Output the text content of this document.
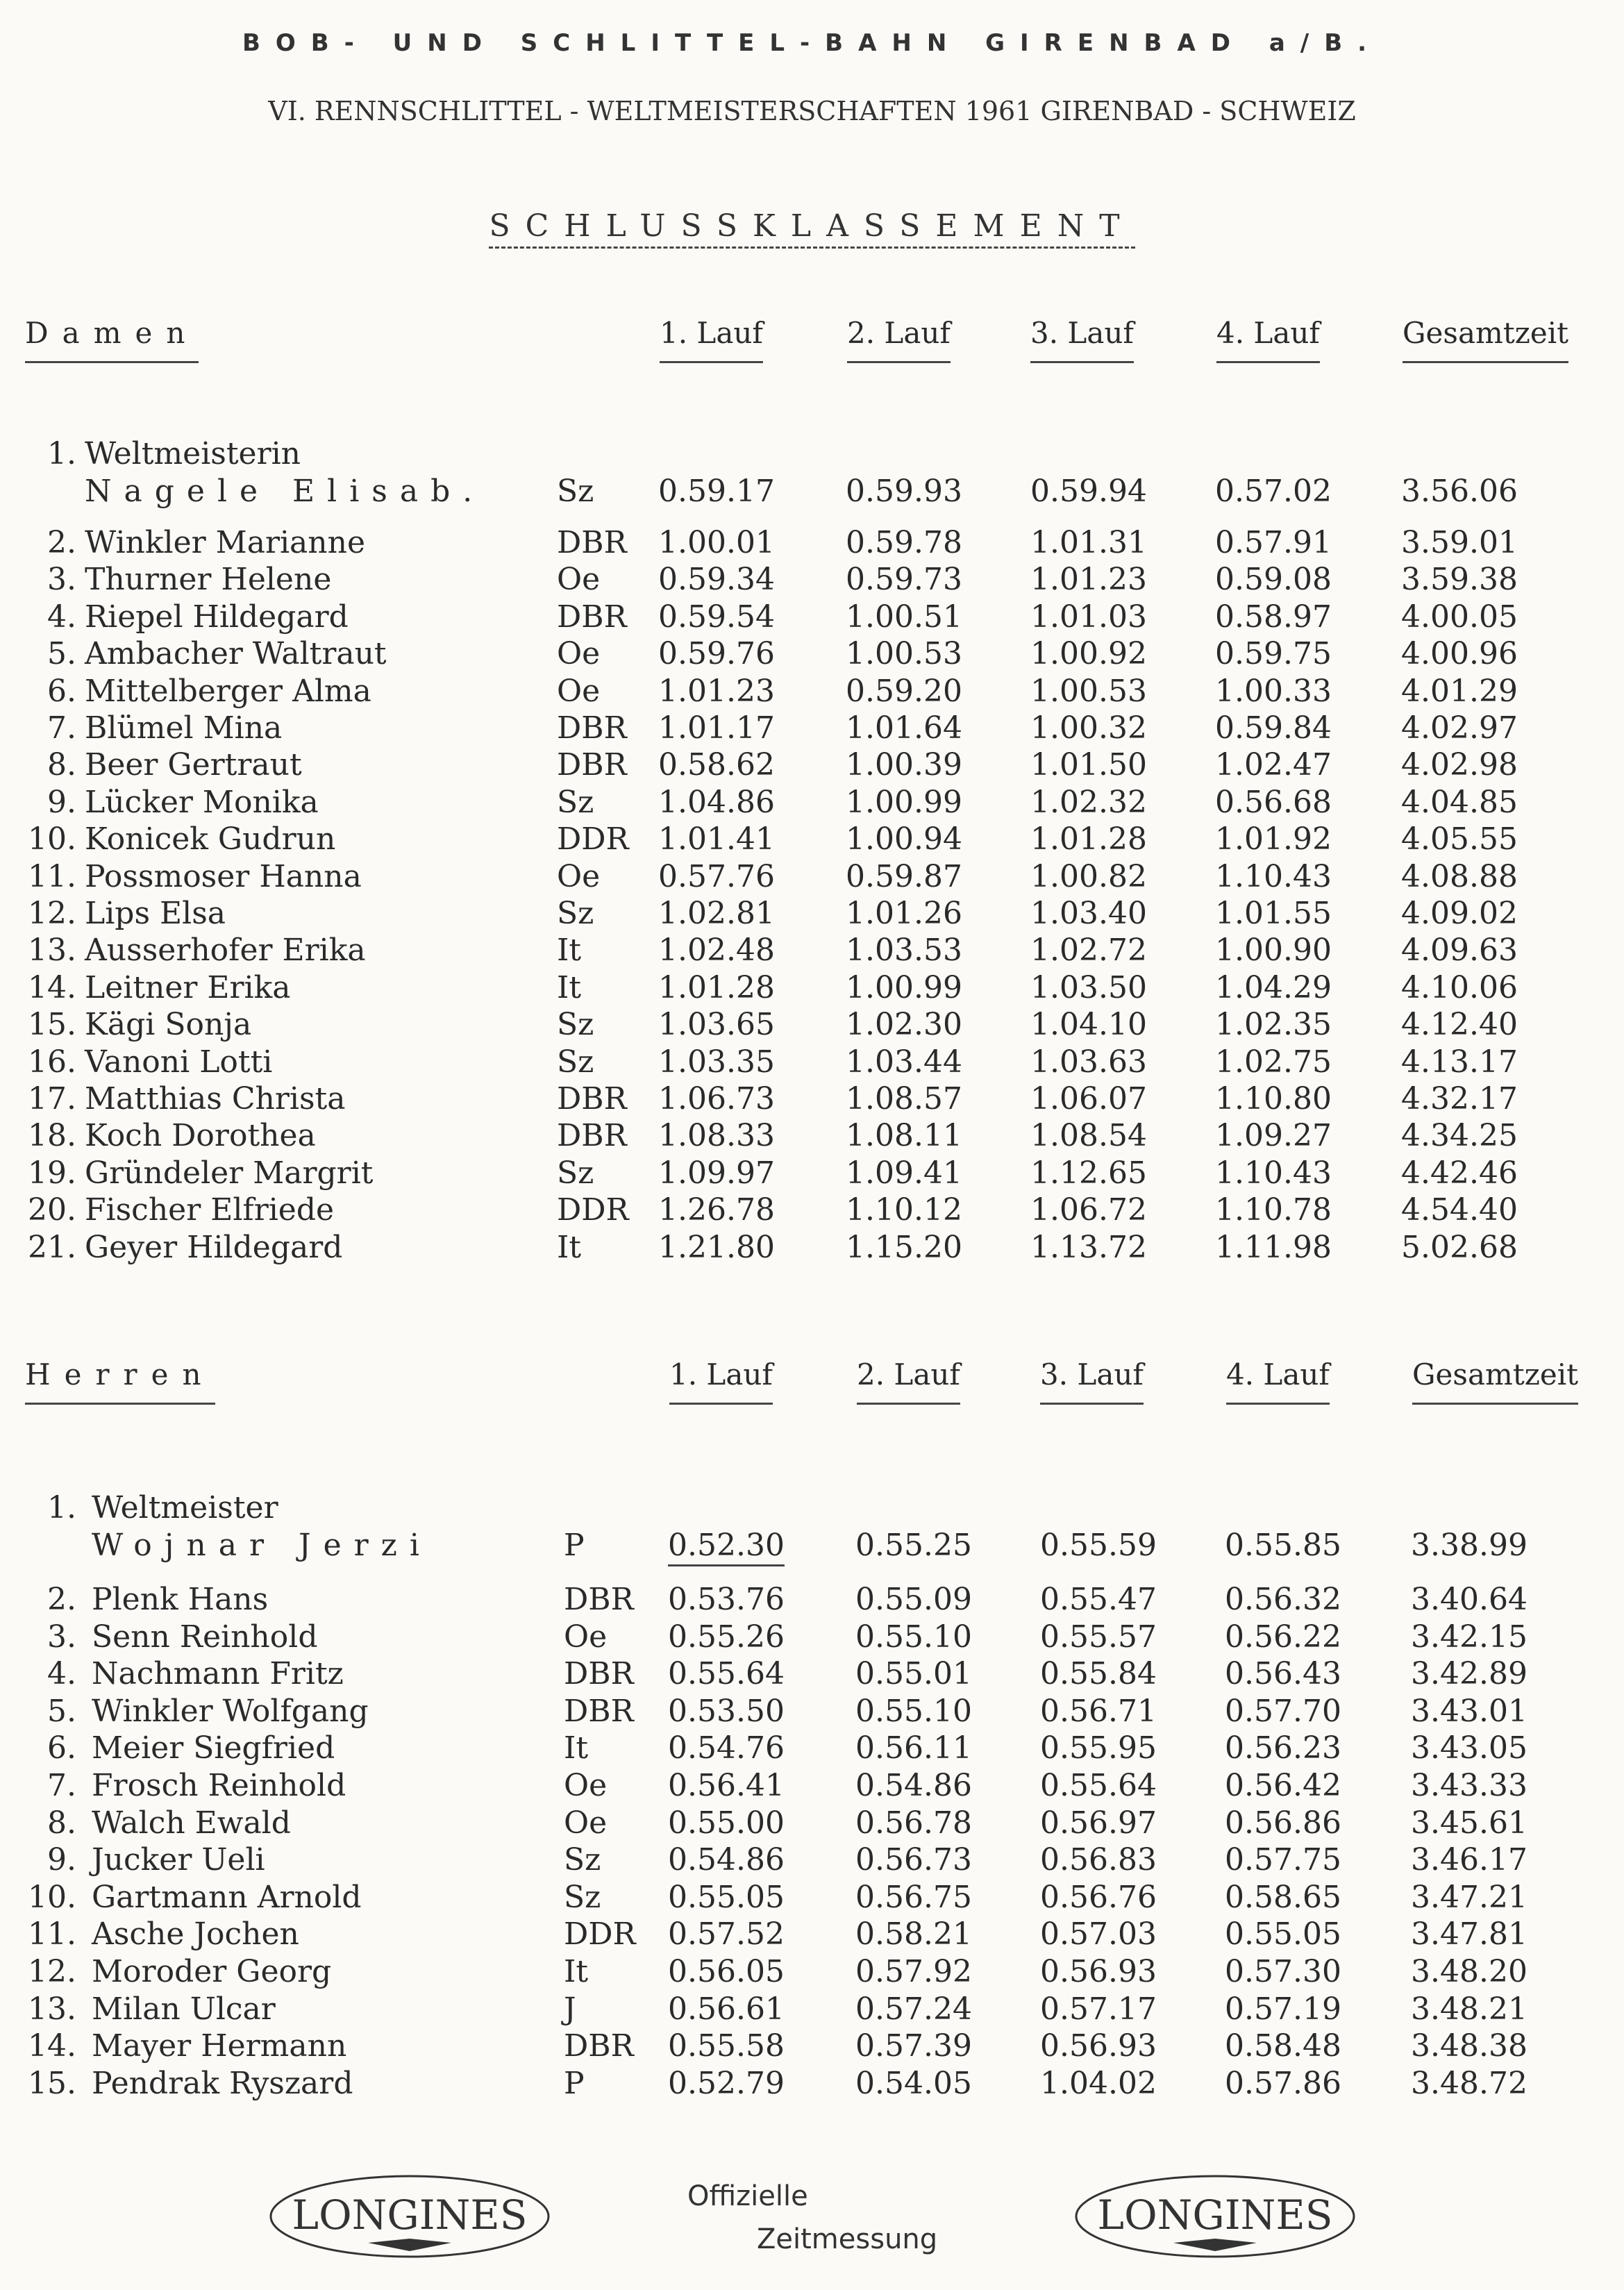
BOB- UND SCHLITTEL-BAHN GIRENBAD a/B.
VI. RENNSCHLITTEL - WELTMEISTERSCHAFTEN 1961 GIRENBAD - SCHWEIZ
SCHLUSSKLASSEMENT
Damen	1. Lauf	2. Lauf	3. Lauf	4. Lauf	Gesamtzeit
1. Weltmeisterin
Nagele Elisab. Sz 0.59.17 0.59.93 0.59.94 0.57.02 3.56.06
2. Winkler Marianne	DBR 1.00.01 0.59.78 1.01.31 0.57.91 3.59.01
3. Thurner Helene	Oe 0.59.34 0.59.73 1.01.23 0.59.08 3.59.38
4. Riepel Hildegard	DBR 0.59.54 1.00.51 1.01.03 0.58.97 4.00.05
5. Ambacher Waltraut	Oe 0.59.76 1.00.53 1.00.92 0.59.75 4.00.96
6. Mittelberger Alma	Oe 1.01.23 0.59.20 1.00.53 1.00.33 4.01.29
7. Blümel Mina	DBR 1.01.17 1.01.64 1.00.32 0.59.84 4.02.97
8. Beer Gertraut	DBR 0.58.62 1.00.39 1.01.50 1.02.47 4.02.98
9. Lücker Monika	Sz 1.04.86 1.00.99 1.02.32 0.56.68 4.04.85
10. Konicek Gudrun	DDR 1.01.41 1.00.94 1.01.28 1.01.92 4.05.55
11. Possmoser Hanna	Oe 0.57.76 0.59.87 1.00.82 1.10.43 4.08.88
12. Lips Elsa	Sz 1.02.81 1.01.26 1.03.40 1.01.55 4.09.02
13. Ausserhofer Erika	It	1.02.48 1.03.53 1.02.72 1.00.90 4.09.63
14. Leitner Erika	It	1.01.28 1.00.99 1.03.50 1.04.29 4.10.06
15. Kägi Sonja	Sz 1.03.65 1.02.30 1.04.10 1.02.35 4.12.40
16. Vanoni Lotti	Sz 1.03.35 1.03.44 1.03.63 1.02.75 4.13.17
17. Matthias Christa	DBR 1.06.73 1.08.57 1.06.07 1.10.80 4.32.17
18. Koch Dorothea	DBR 1.08.33 1.08.11 1.08.54 1.09.27 4.34.25
19. Gründeler Margrit	Sz 1.09.97 1.09.41 1.12.65 1.10.43 4.42.46
20. Fischer Elfriede	DDR 1.26.78 1.10.12 1.06.72 1.10.78 4.54.40
21. Geyer Hildegard	It	1.21.80 1.15.20 1.13.72 1.11.98 5.02.68
Herren	1. Lauf	2. Lauf	3. Lauf	4. Lauf	Gesamtzeit
1. Weltmeister
Wojnar Jerzi	P	0.52.30 0.55.25 0.55.59 0.55.85 3.38.99
2. Plenk Hans	DBR 0.53.76 0.55.09 0.55.47 0.56.32 3.40.64
3. Senn Reinhold	Oe 0.55.26 0.55.10 0.55.57 0.56.22 3.42.15
4. Nachmann Fritz	DBR 0.55.64 0.55.01 0.55.84 0.56.43 3.42.89
5. Winkler Wolfgang	DBR 0.53.50 0.55.10 0.56.71 0.57.70 3.43.01
6. Meier Siegfried	It	0.54.76 0.56.11 0.55.95 0.56.23 3.43.05
7. Frosch Reinhold	Oe 0.56.41 0.54.86 0.55.64 0.56.42 3.43.33
8. Walch Ewald	Oe 0.55.00 0.56.78 0.56.97 0.56.86 3.45.61
9. Jucker Ueli	Sz 0.54.86 0.56.73 0.56.83 0.57.75 3.46.17
10. Gartmann Arnold	Sz 0.55.05 0.56.75 0.56.76 0.58.65 3.47.21
11. Asche Jochen	DDR 0.57.52 0.58.21 0.57.03 0.55.05 3.47.81
12. Moroder Georg	It	0.56.05 0.57.92 0.56.93 0.57.30 3.48.20
13. Milan Ulcar	J	0.56.61 0.57.24 0.57.17 0.57.19 3.48.21
14. Mayer Hermann	DBR 0.55.58 0.57.39 0.56.93 0.58.48 3.48.38
15. Pendrak Ryszard	P	0.52.79 0.54.05 1.04.02 0.57.86 3.48.72
LONGINES	Offizielle
Zeitmessung
LONGINES
